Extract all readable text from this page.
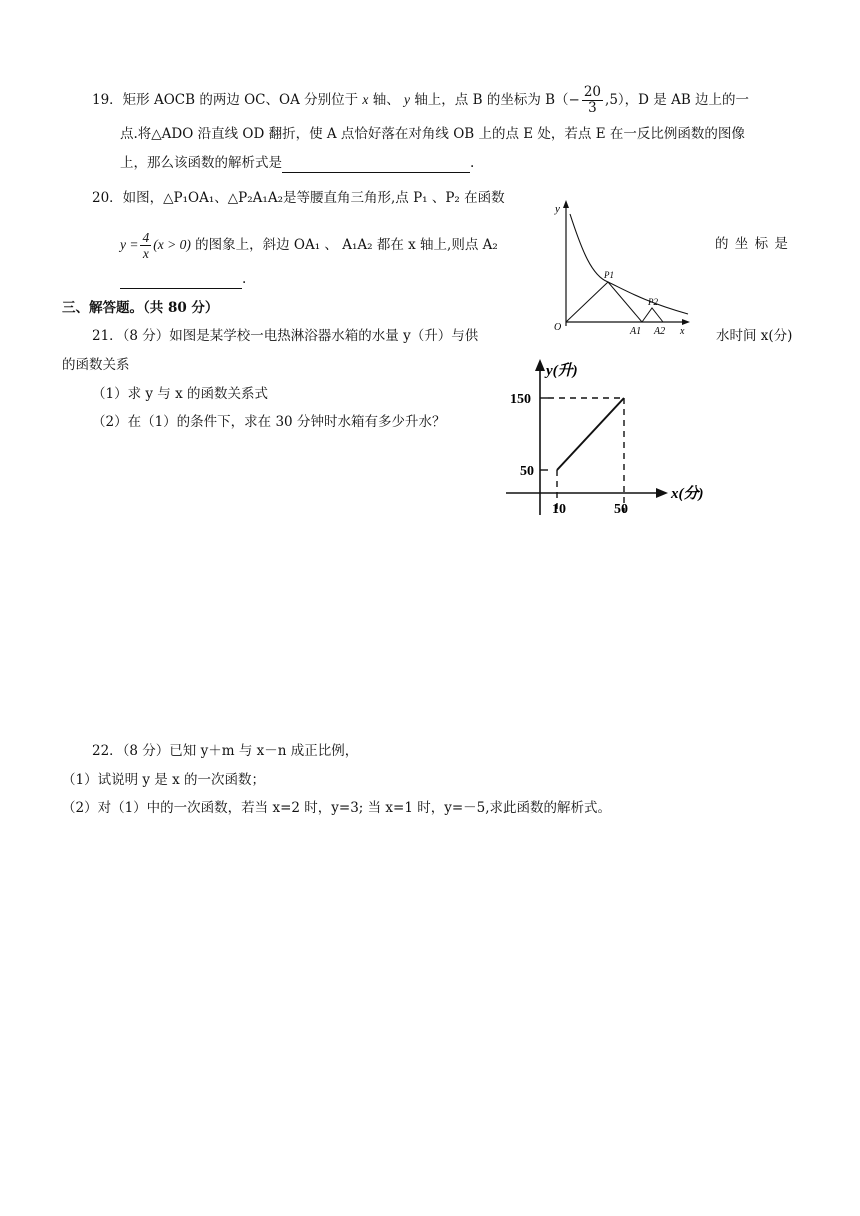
19．矩形 AOCB 的两边 OC、OA 分别位于 x 轴、 y 轴上，点 B 的坐标为 $B(- \frac{20}{3} ,5)$，D 是 AB 边上的一
点.将△ADO 沿直线 OD 翻折，使 A 点恰好落在对角线 OB 上的点 E 处，若点 E 在一反比例函数的图像
上，那么该函数的解析式是	.
20．如图，△P₁OA₁、△P₂A₁A₂是等腰直角三角形,点 P₁ 、P₂ 在函数
$y = \frac{4}{x} (x > 0)$ 的图象上，斜边 OA₁ 、 A₁A₂ 都在 x 轴上,则点 A₂	的 坐 标 是
.
y
O	x
P1
P2
A1 A2
三、解答题。（共 80 分）
21．（8 分）如图是某学校一电热淋浴器水箱的水量 y（升）与供	水时间 x(分)
的函数关系
（1）求 y 与 x 的函数关系式
（2）在（1）的条件下，求在 30 分钟时水箱有多少升水？
y(升)
150
50
10	50
x(分)
22．（8 分）已知 y＋m 与 x－n 成正比例，
（1）试说明 y 是 x 的一次函数；
（2）对（1）中的一次函数，若当 x=2 时，y=3; 当 x=1 时，y=－5,求此函数的解析式。
